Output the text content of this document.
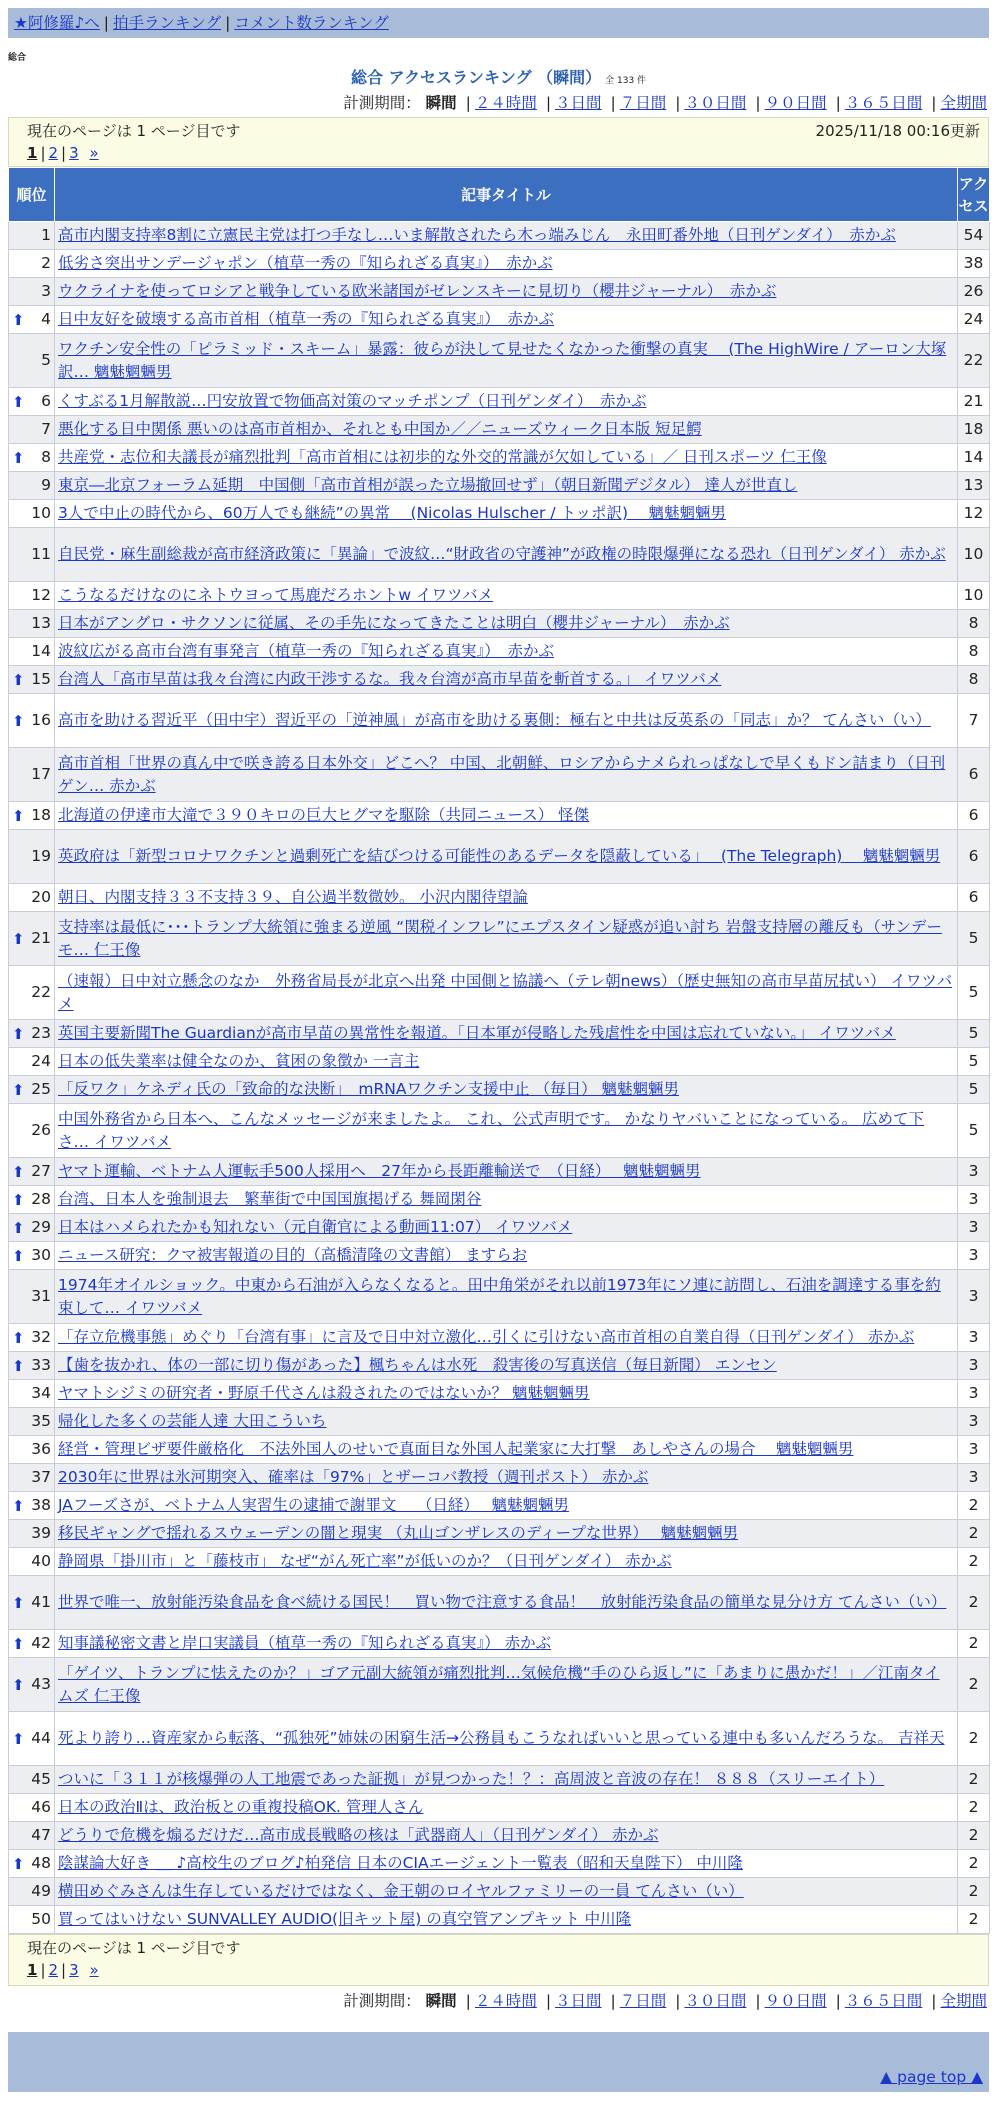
★阿修羅♪へ | 拍手ランキング | コメント数ランキング
総合
総合 アクセスランキング （瞬間） 全 133 件
計測期間： 瞬間 | ２４時間 | ３日間 | ７日間 | ３０日間 | ９０日間 | ３６５日間 | 全期間
現在のページは 1 ページ目です	2025/11/18 00:16更新
1 | 2 | 3 »
順位	記事タイトル	アクセス
1	高市内閣支持率8割に立憲民主党は打つ手なし…いま解散されたら木っ端みじん　永田町番外地（日刊ゲンダイ）　赤かぶ	54
2	低劣さ突出サンデージャポン（植草一秀の『知られざる真実』）　赤かぶ	38
3	ウクライナを使ってロシアと戦争している欧米諸国がゼレンスキーに見切り（櫻井ジャーナル）　赤かぶ	26

⬆ 4	日中友好を破壊する高市首相（植草一秀の『知られざる真実』）　赤かぶ	24
5	ワクチン安全性の「ピラミッド・スキーム」暴露：彼らが決して見せたくなかった衝撃の真実　 (The HighWire / アーロン大塚訳… 魑魅魍魎男	22

⬆ 6	くすぶる1月解散説…円安放置で物価高対策のマッチポンプ（日刊ゲンダイ）　赤かぶ	21
7	悪化する日中関係 悪いのは高市首相か、それとも中国か／／ニューズウィーク日本版 短足鰐	18

⬆ 8	共産党・志位和夫議長が痛烈批判「高市首相には初歩的な外交的常識が欠如している」／ 日刊スポーツ 仁王像	14
9	東京―北京フォーラム延期　中国側「高市首相が誤った立場撤回せず」（朝日新聞デジタル） 達人が世直し	13
10	3人で中止の時代から、60万人でも継続”の異常　 (Nicolas Hulscher / トッポ訳)　 魑魅魍魎男	12
11	自民党・麻生副総裁が高市経済政策に「異論」で波紋…“財政省の守護神”が政権の時限爆弾になる恐れ（日刊ゲンダイ） 赤かぶ	10
12	こうなるだけなのにネトウヨって馬鹿だろホントw イワツバメ	10
13	日本がアングロ・サクソンに従属、その手先になってきたことは明白（櫻井ジャーナル）　赤かぶ	8
14	波紋広がる高市台湾有事発言（植草一秀の『知られざる真実』）　赤かぶ	8

⬆ 15	台湾人「高市早苗は我々台湾に内政干渉するな。我々台湾が高市早苗を斬首する。」 イワツバメ	8

⬆ 16	高市を助ける習近平（田中宇）習近平の「逆神風」が高市を助ける裏側：極右と中共は反英系の「同志」か？ てんさい（い）	7
17	高市首相「世界の真ん中で咲き誇る日本外交」どこへ？ 中国、北朝鮮、ロシアからナメられっぱなしで早くもドン詰まり（日刊ゲン… 赤かぶ	6

⬆ 18	北海道の伊達市大滝で３９０キロの巨大ヒグマを駆除（共同ニュース） 怪傑	6
19	英政府は「新型コロナワクチンと過剰死亡を結びつける可能性のあるデータを隠蔽している」　 (The Telegraph)　 魑魅魍魎男	6
20	朝日、内閣支持３３不支持３９、自公過半数微妙。 小沢内閣待望論	6

⬆ 21	支持率は最低に･･･トランプ大統領に強まる逆風 “関税インフレ”にエプスタイン疑惑が追い討ち 岩盤支持層の離反も（サンデーモ… 仁王像	5
22	（速報）日中対立懸念のなか　外務省局長が北京へ出発 中国側と協議へ（テレ朝news）（歴史無知の高市早苗尻拭い） イワツバメ	5

⬆ 23	英国主要新聞The Guardianが高市早苗の異常性を報道。「日本軍が侵略した残虐性を中国は忘れていない。」 イワツバメ	5
24	日本の低失業率は健全なのか、貧困の象徴か 一言主	5

⬆ 25	「反ワク」ケネディ氏の「致命的な決断」　mRNAワクチン支援中止 （毎日） 魑魅魍魎男	5
26	中国外務省から日本へ、こんなメッセージが来ましたよ。 これ、公式声明です。 かなりヤバいことになっている。 広めて下さ… イワツバメ	5

⬆ 27	ヤマト運輸、ベトナム人運転手500人採用へ　27年から長距離輸送で　（日経）　 魑魅魍魎男	3

⬆ 28	台湾、日本人を強制退去　繁華街で中国国旗掲げる 舞岡閑谷	3

⬆ 29	日本はハメられたかも知れない（元自衛官による動画11:07） イワツバメ	3

⬆ 30	ニュース研究：クマ被害報道の目的（高橋清隆の文書館） ますらお	3
31	1974年オイルショック。中東から石油が入らなくなると。田中角栄がそれ以前1973年にソ連に訪問し、石油を調達する事を約束して… イワツバメ	3

⬆ 32	「存立危機事態」めぐり「台湾有事」に言及で日中対立激化…引くに引けない高市首相の自業自得（日刊ゲンダイ） 赤かぶ	3

⬆ 33	【歯を抜かれ、体の一部に切り傷があった】楓ちゃんは水死　殺害後の写真送信（毎日新聞） エンセン	3
34	ヤマトシジミの研究者・野原千代さんは殺されたのではないか？ 魑魅魍魎男	3
35	帰化した多くの芸能人達 大田こういち	3
36	経営・管理ビザ要件厳格化　不法外国人のせいで真面目な外国人起業家に大打撃　あしやさんの場合　 魑魅魍魎男	3
37	2030年に世界は氷河期突入、確率は「97%」とザーコバ教授（週刊ポスト） 赤かぶ	3

⬆ 38	JAフーズさが、ベトナム人実習生の逮捕で謝罪文　 （日経）　 魑魅魍魎男	2
39	移民ギャングで揺れるスウェーデンの闇と現実 （丸山ゴンザレスのディープな世界）　 魑魅魍魎男	2
40	静岡県「掛川市」と「藤枝市」 なぜ“がん死亡率”が低いのか？（日刊ゲンダイ） 赤かぶ	2

⬆ 41	世界で唯一、放射能汚染食品を食べ続ける国民！　買い物で注意する食品！　放射能汚染食品の簡単な見分け方 てんさい（い）	2

⬆ 42	知事議秘密文書と岸口実議員（植草一秀の『知られざる真実』） 赤かぶ	2

⬆ 43	「ゲイツ、トランプに怯えたのか？」ゴア元副大統領が痛烈批判…気候危機“手のひら返し”に「あまりに愚かだ！」／江南タイムズ 仁王像	2

⬆ 44	死より誇り…資産家から転落、“孤独死”姉妹の困窮生活→公務員もこうなればいいと思っている連中も多いんだろうな。 吉祥天	2
45	ついに「３１１が核爆弾の人工地震であった証拠」が見つかった！？：高周波と音波の存在！ ８８８（スリーエイト）	2
46	日本の政治Ⅱは、政治板との重複投稿OK. 管理人さん	2
47	どうりで危機を煽るだけだ…高市成長戦略の核は「武器商人」（日刊ゲンダイ） 赤かぶ	2

⬆ 48	陰謀論大好き ＿ ♪高校生のブログ♪柏発信 日本のCIAエージェント一覧表（昭和天皇陛下） 中川隆	2
49	横田めぐみさんは生存しているだけではなく、金王朝のロイヤルファミリーの一員 てんさい（い）	2
50	買ってはいけない SUNVALLEY AUDIO(旧キット屋) の真空管アンプキット 中川隆	2
現在のページは 1 ページ目です
1 | 2 | 3 »
計測期間： 瞬間 | ２４時間 | ３日間 | ７日間 | ３０日間 | ９０日間 | ３６５日間 | 全期間
▲ page top ▲
